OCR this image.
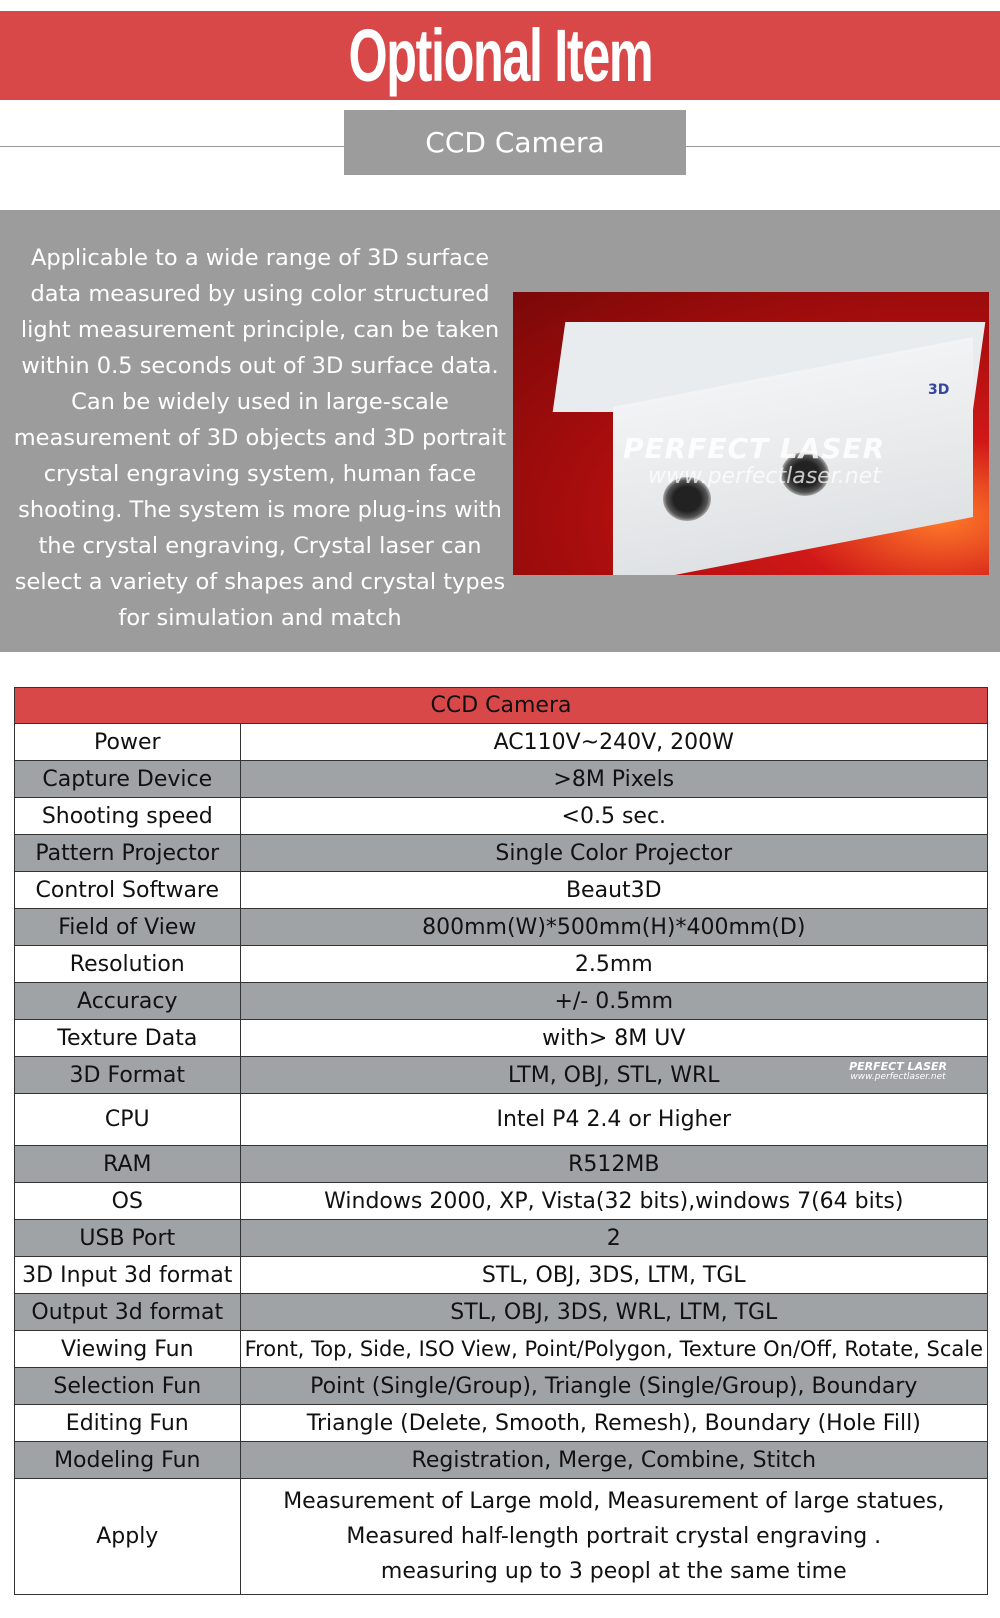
Optional Item
CCD Camera

Applicable to a wide range of 3D surface data measured by using color structured light measurement principle, can be taken within 0.5 seconds out of 3D surface data. Can be widely used in large-scale measurement of 3D objects and 3D portrait crystal engraving system, human face shooting. The system is more plug-ins with the crystal engraving, Crystal laser can select a variety of shapes and crystal types for simulation and match

3D
PERFECT LASER
www.perfectlaser.net
CCD Camera	
Power	AC110V~240V, 200W
Capture Device	>8M Pixels
Shooting speed	<0.5 sec.
Pattern Projector	Single Color Projector
Control Software	Beaut3D
Field of View	800mm(W)*500mm(H)*400mm(D)
Resolution	2.5mm
Accuracy	+/- 0.5mm
Texture Data	with> 8M UV
3D Format	LTM, OBJ, STL, WRL PERFECT LASER
www.perfectlaser.net

CPU	Intel P4 2.4 or Higher
RAM	R512MB
OS	Windows 2000, XP, Vista(32 bits),windows 7(64 bits)
USB Port	2
3D Input 3d format	STL, OBJ, 3DS, LTM, TGL
Output 3d format	STL, OBJ, 3DS, WRL, LTM, TGL
Viewing Fun	Front, Top, Side, ISO View, Point/Polygon, Texture On/Off, Rotate, Scale
Selection Fun	Point (Single/Group), Triangle (Single/Group), Boundary
Editing Fun	Triangle (Delete, Smooth, Remesh), Boundary (Hole Fill)
Modeling Fun	Registration, Merge, Combine, Stitch
Apply	Measurement of Large mold, Measurement of large statues,
Measured half-length portrait crystal engraving .
measuring up to 3 peopl at the same time
